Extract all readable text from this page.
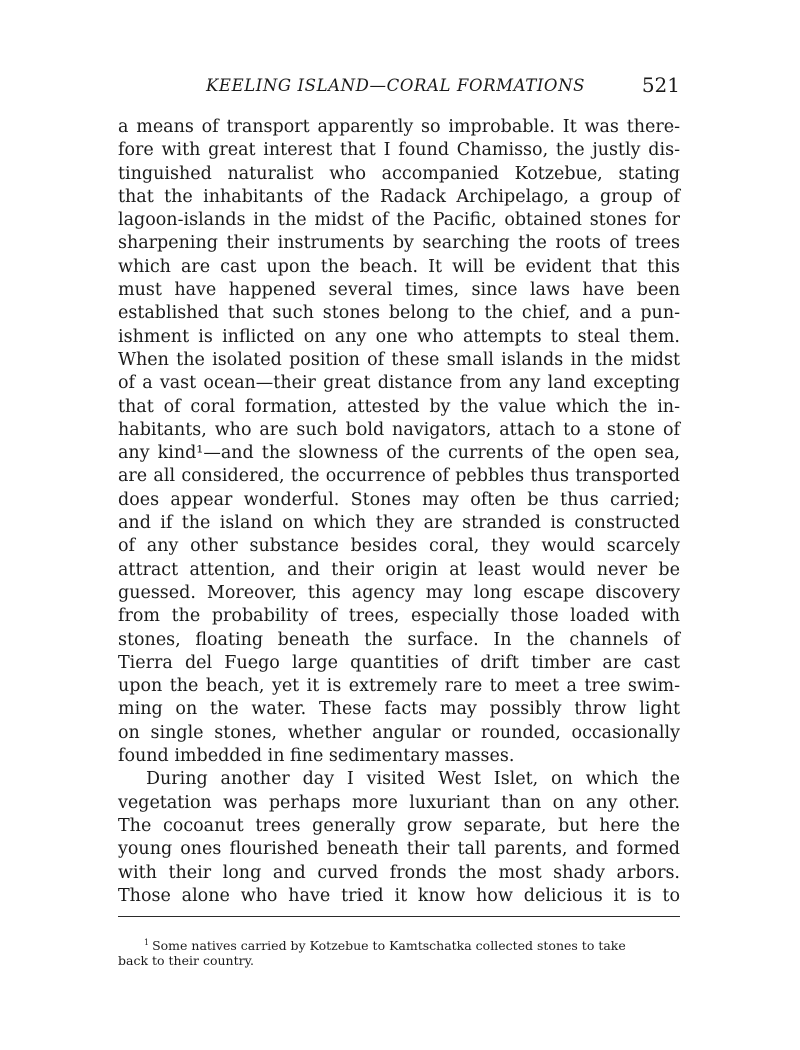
KEELING ISLAND—CORAL FORMATIONS	521
a means of transport apparently so improbable. It was there-
fore with great interest that I found Chamisso, the justly dis-
tinguished naturalist who accompanied Kotzebue, stating
that the inhabitants of the Radack Archipelago, a group of
lagoon-islands in the midst of the Pacific, obtained stones for
sharpening their instruments by searching the roots of trees
which are cast upon the beach. It will be evident that this
must have happened several times, since laws have been
established that such stones belong to the chief, and a pun-
ishment is inflicted on any one who attempts to steal them.
When the isolated position of these small islands in the midst
of a vast ocean—their great distance from any land excepting
that of coral formation, attested by the value which the in-
habitants, who are such bold navigators, attach to a stone of
any kind¹—and the slowness of the currents of the open sea,
are all considered, the occurrence of pebbles thus transported
does appear wonderful. Stones may often be thus carried;
and if the island on which they are stranded is constructed
of any other substance besides coral, they would scarcely
attract attention, and their origin at least would never be
guessed. Moreover, this agency may long escape discovery
from the probability of trees, especially those loaded with
stones, floating beneath the surface. In the channels of
Tierra del Fuego large quantities of drift timber are cast
upon the beach, yet it is extremely rare to meet a tree swim-
ming on the water. These facts may possibly throw light
on single stones, whether angular or rounded, occasionally
found imbedded in fine sedimentary masses.
During another day I visited West Islet, on which the
vegetation was perhaps more luxuriant than on any other.
The cocoanut trees generally grow separate, but here the
young ones flourished beneath their tall parents, and formed
with their long and curved fronds the most shady arbors.
Those alone who have tried it know how delicious it is to
$^1$ Some natives carried by Kotzebue to Kamtschatka collected stones to take
back to their country.
